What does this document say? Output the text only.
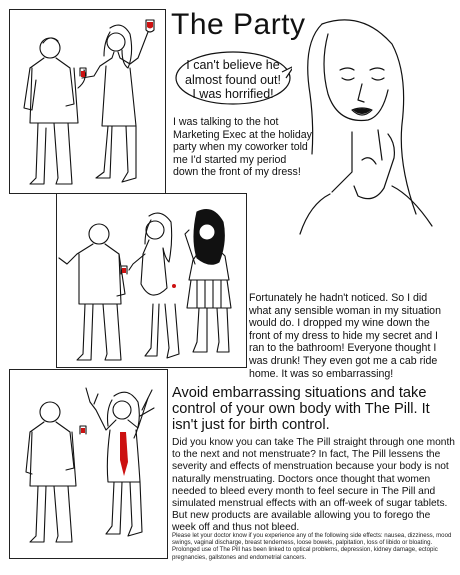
The Party
I can't believe he
almost found out!
I was horrified!
I was talking to the hot Marketing Exec at the holiday party when my coworker told me I'd started my period down the front of my dress!
Fortunately he hadn't noticed. So I did what any sensible woman in my situation would do. I dropped my wine down the front of my dress to hide my secret and I ran to the bathroom! Everyone thought I was drunk! They even got me a cab ride home. It was so embarrassing!
Avoid embarrassing situations and take control of your own body with The Pill. It isn't just for birth control.
Did you know you can take The Pill straight through one month to the next and not menstruate? In fact, The Pill lessens the severity and effects of menstruation because your body is not naturally menstruating. Doctors once thought that women needed to bleed every month to feel secure in The Pill and simulated menstrual effects with an off-week of sugar tablets. But new products are available allowing you to forego the week off and thus not bleed.
Please let your doctor know if you experience any of the following side effects: nausea, dizziness, mood swings, vaginal discharge, breast tenderness, loose bowels, palpitation, loss of libido or bloating. Prolonged use of The Pill has been linked to optical problems, depression, kidney damage, ectopic pregnancies, gallstones and endometrial cancers.
